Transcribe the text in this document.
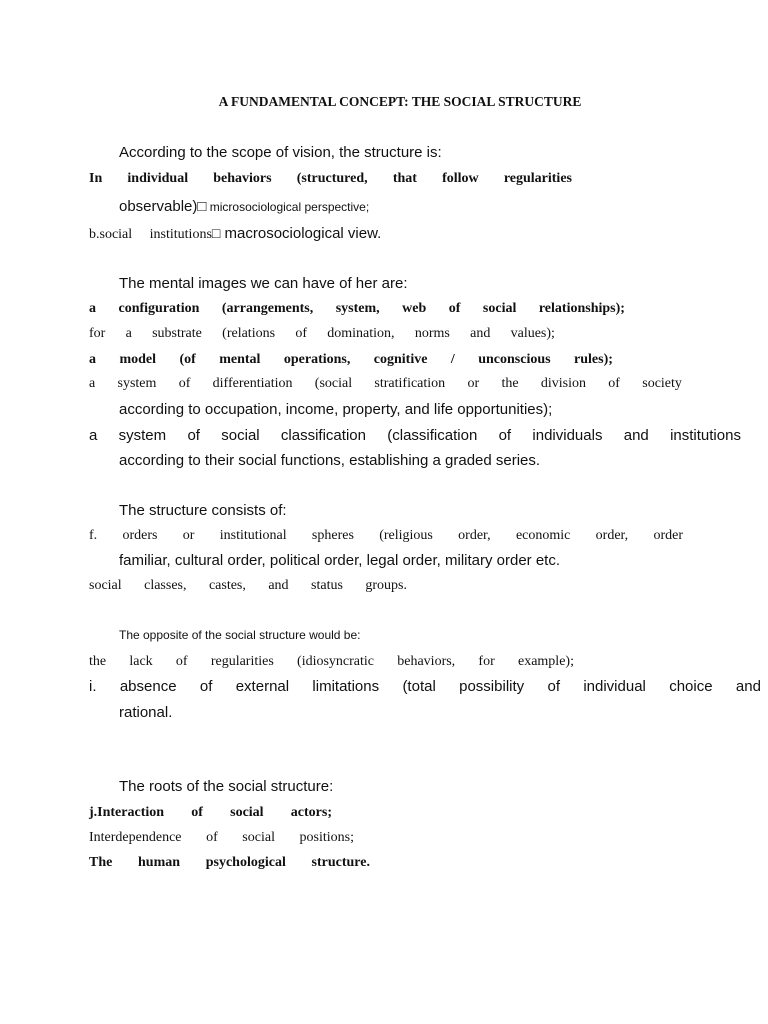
A FUNDAMENTAL CONCEPT: THE SOCIAL STRUCTURE
According to the scope of vision, the structure is:
In individual behaviors (structured, that follow regularities
observable)□ microsociological perspective;
b.social institutions□ macrosociological view.
The mental images we can have of her are:
a configuration (arrangements, system, web of social relationships);
for a substrate (relations of domination, norms and values);
a model (of mental operations, cognitive / unconscious rules);
a system of differentiation (social stratification or the division of society
according to occupation, income, property, and life opportunities);
a system of social classification (classification of individuals and institutions
according to their social functions, establishing a graded series.
The structure consists of:
f. orders or institutional spheres (religious order, economic order, order
familiar, cultural order, political order, legal order, military order etc.
social classes, castes, and status groups.
The opposite of the social structure would be:
the lack of regularities (idiosyncratic behaviors, for example);
i. absence of external limitations (total possibility of individual choice and
rational.
The roots of the social structure:
j.Interaction of social actors;
Interdependence of social positions;
The human psychological structure.
